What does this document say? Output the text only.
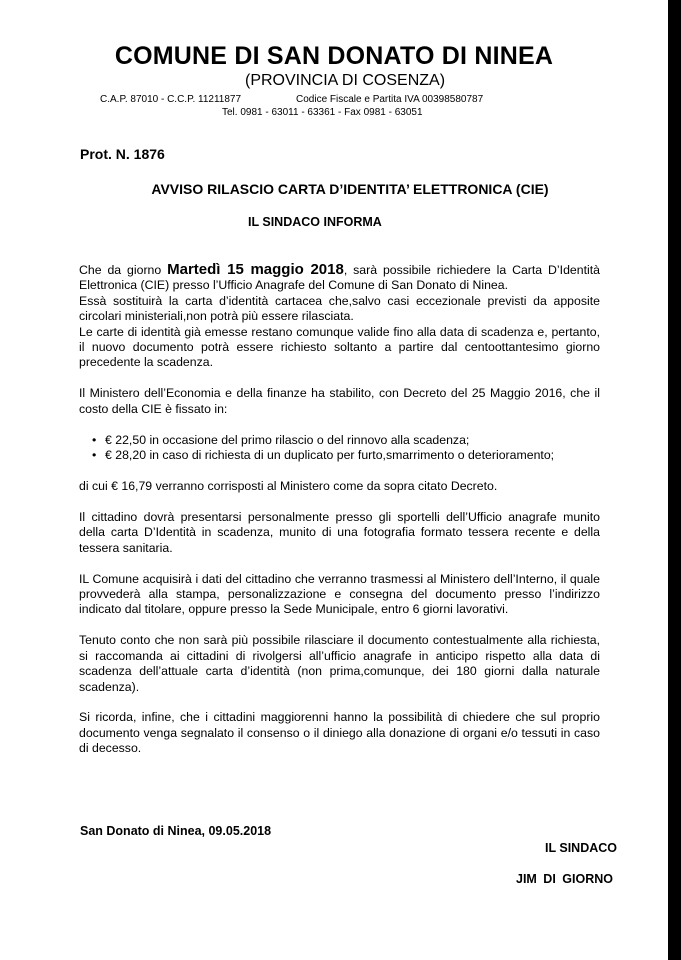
COMUNE DI SAN DONATO DI NINEA
(PROVINCIA DI COSENZA)
C.A.P. 87010 - C.C.P. 11211877	Codice Fiscale e Partita IVA 00398580787
Tel. 0981 - 63011 - 63361 - Fax 0981 - 63051
Prot. N. 1876
AVVISO RILASCIO CARTA D’IDENTITA’ ELETTRONICA (CIE)
IL SINDACO INFORMA

Che da giorno Martedì 15 maggio 2018, sarà possibile richiedere la Carta D’Identità Elettronica (CIE) presso l’Ufficio Anagrafe del Comune di San Donato di Ninea.

Essà sostituirà la carta d’identità cartacea che,salvo casi eccezionale previsti da apposite circolari ministeriali,non potrà più essere rilasciata.

Le carte di identità già emesse restano comunque valide fino alla data di scadenza e, pertanto, il nuovo documento potrà essere richiesto soltanto a partire dal centoottantesimo giorno precedente la scadenza.

Il Ministero dell’Economia e della finanze ha stabilito, con Decreto del 25 Maggio 2016, che il costo della CIE è fissato in:

• € 22,50 in occasione del primo rilascio o del rinnovo alla scadenza;
• € 28,20 in caso di richiesta di un duplicato per furto,smarrimento o deterioramento;

di cui € 16,79 verranno corrisposti al Ministero come da sopra citato Decreto.

Il cittadino dovrà presentarsi personalmente presso gli sportelli dell’Ufficio anagrafe munito della carta D’Identità in scadenza, munito di una fotografia formato tessera recente e della tessera sanitaria.

IL Comune acquisirà i dati del cittadino che verranno trasmessi al Ministero dell’Interno, il quale provvederà alla stampa, personalizzazione e consegna del documento presso l’indirizzo indicato dal titolare, oppure presso la Sede Municipale, entro 6 giorni lavorativi.

Tenuto conto che non sarà più possibile rilasciare il documento contestualmente alla richiesta, si raccomanda ai cittadini di rivolgersi all’ufficio anagrafe in anticipo rispetto alla data di scadenza dell’attuale carta d’identità (non prima,comunque, dei 180 giorni dalla naturale scadenza).

Si ricorda, infine, che i cittadini maggiorenni hanno la possibilità di chiedere che sul proprio documento venga segnalato il consenso o il diniego alla donazione di organi e/o tessuti in caso di decesso.

San Donato di Ninea, 09.05.2018
IL SINDACO
JIM DI GIORNO
